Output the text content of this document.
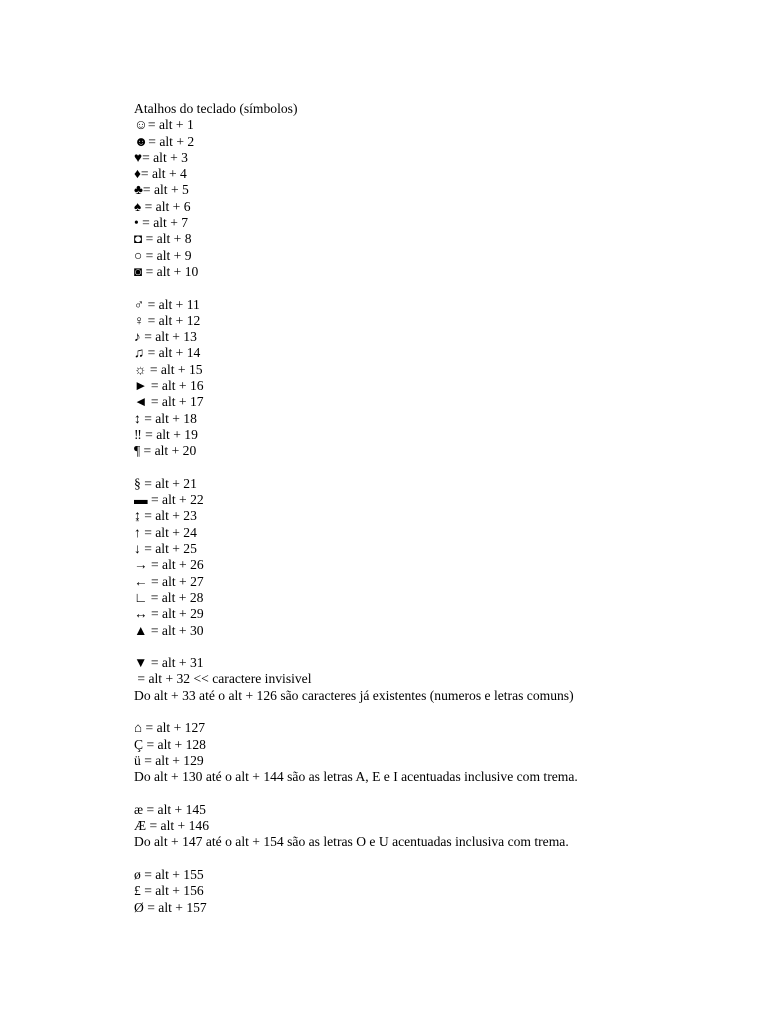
Atalhos do teclado (símbolos)
☺= alt + 1
☻= alt + 2
♥= alt + 3
♦= alt + 4
♣= alt + 5
♠ = alt + 6
• = alt + 7
◘ = alt + 8
○ = alt + 9
◙ = alt + 10
♂ = alt + 11
♀ = alt + 12
♪ = alt + 13
♫ = alt + 14
☼ = alt + 15
► = alt + 16
◄ = alt + 17
↕ = alt + 18
‼ = alt + 19
¶ = alt + 20
§ = alt + 21
▬ = alt + 22
↨ = alt + 23
↑ = alt + 24
↓ = alt + 25
→ = alt + 26
← = alt + 27
∟ = alt + 28
↔ = alt + 29
▲ = alt + 30
▼ = alt + 31
= alt + 32 << caractere invisivel
Do alt + 33 até o alt + 126 são caracteres já existentes (numeros e letras comuns)
⌂ = alt + 127
Ç = alt + 128
ü = alt + 129
Do alt + 130 até o alt + 144 são as letras A, E e I acentuadas inclusive com trema.
æ = alt + 145
Æ = alt + 146
Do alt + 147 até o alt + 154 são as letras O e U acentuadas inclusiva com trema.
ø = alt + 155
£ = alt + 156
Ø = alt + 157
